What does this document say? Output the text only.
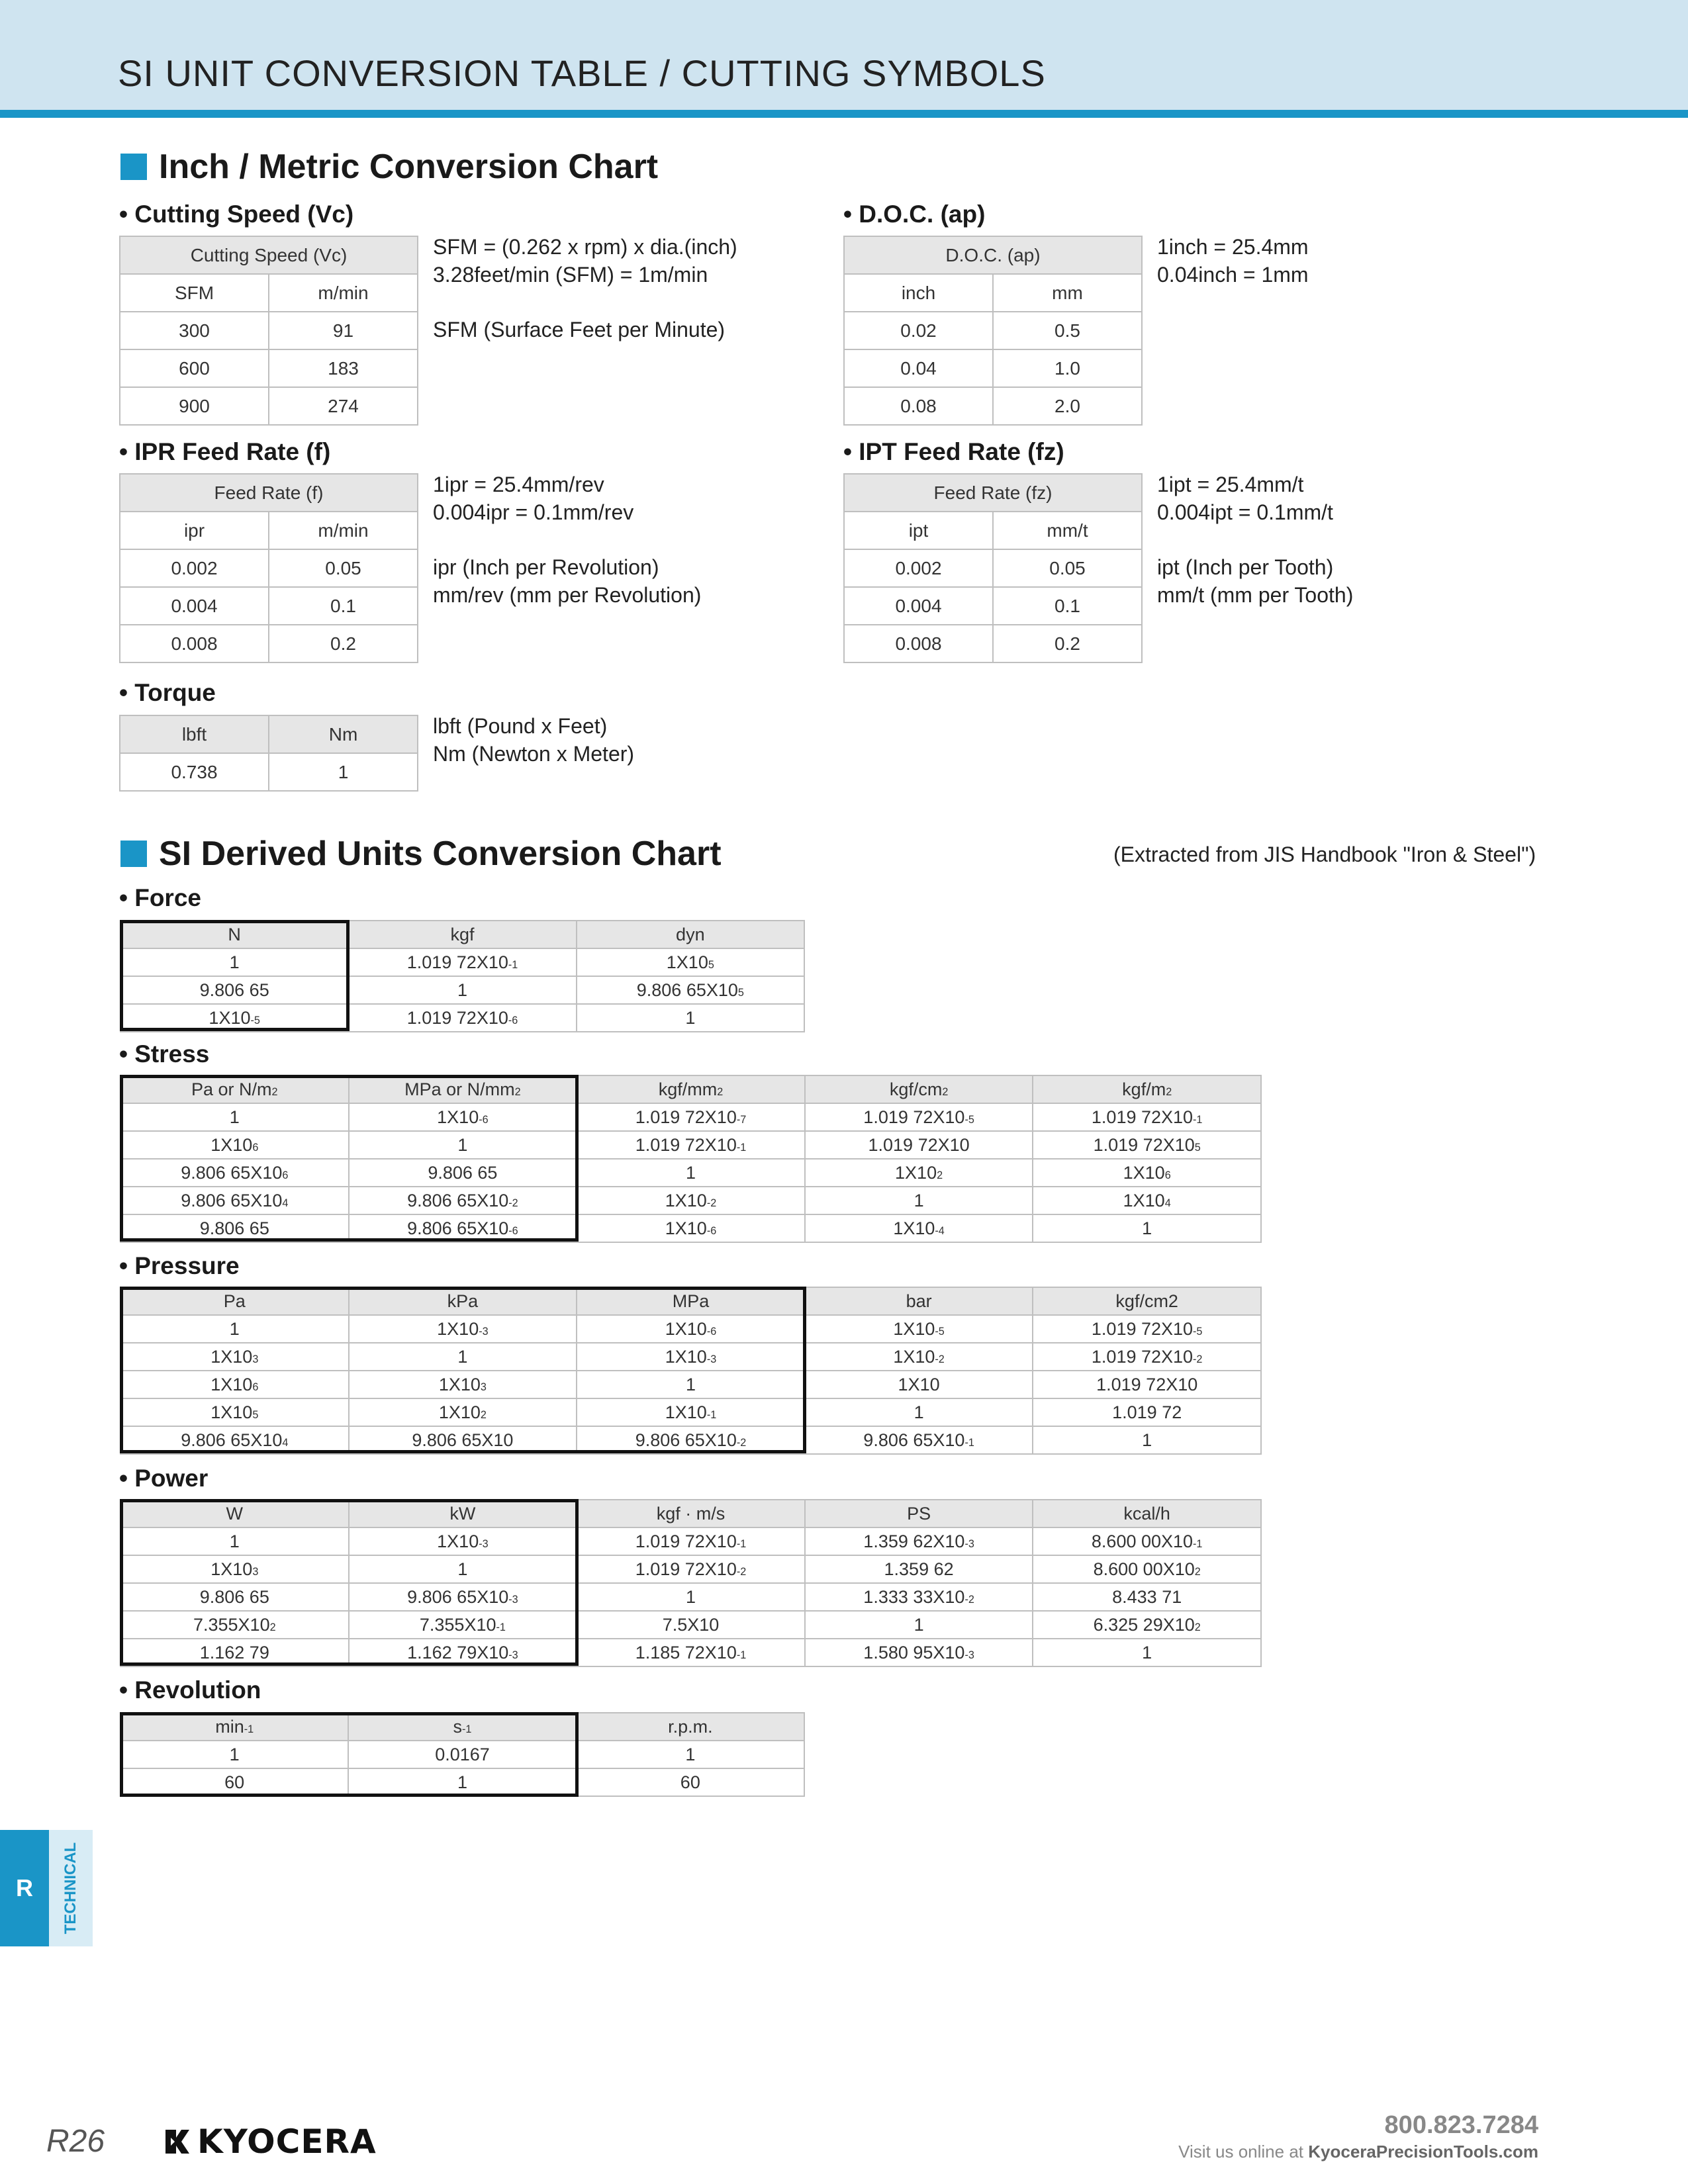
SI UNIT CONVERSION TABLE / CUTTING SYMBOLS
Inch / Metric Conversion Chart
• Cutting Speed (Vc)
Cutting Speed (Vc)	
SFM	m/min
300	91
600	183
900	274
SFM = (0.262 x rpm) x dia.(inch)
3.28feet/min (SFM) = 1m/min
SFM (Surface Feet per Minute)
• D.O.C. (ap)
D.O.C. (ap)	
inch	mm
0.02	0.5
0.04	1.0
0.08	2.0
1inch = 25.4mm
0.04inch = 1mm
• IPR Feed Rate (f)
Feed Rate (f)	
ipr	m/min
0.002	0.05
0.004	0.1
0.008	0.2
1ipr = 25.4mm/rev
0.004ipr = 0.1mm/rev
ipr (Inch per Revolution)
mm/rev (mm per Revolution)
• IPT Feed Rate (fz)
Feed Rate (fz)	
ipt	mm/t
0.002	0.05
0.004	0.1
0.008	0.2
1ipt = 25.4mm/t
0.004ipt = 0.1mm/t
ipt (Inch per Tooth)
mm/t (mm per Tooth)
• Torque
lbft	Nm
0.738	1
lbft (Pound x Feet)
Nm (Newton x Meter)
SI Derived Units Conversion Chart	(Extracted from JIS Handbook "Iron & Steel")
• Force
N	kgf	dyn
1	1.019 $72X10^{-1}$	$1X10^5$
9.806 65	1	9.806 $65X10^5$
$1X10^{-5}$	1.019 $72X10^{-6}$	1
• Stress
Pa or $N/m^2$	MPa or $N/mm^2$	kgf/$mm^2$	kgf/$cm^2$	kgf/$m^2$
1	$1X10^{-6}$	1.019 $72X10^{-7}$	1.019 $72X10^{-5}$	1.019 $72X10^{-1}$
$1X10^6$	1	1.019 $72X10^{-1}$	1.019 72X10	1.019 $72X10^5$
9.806 $65X10^6$	9.806 65	1	$1X10^2$	$1X10^6$
9.806 $65X10^4$	9.806 $65X10^{-2}$	$1X10^{-2}$	1	$1X10^4$
9.806 65	9.806 $65X10^{-6}$	$1X10^{-6}$	$1X10^{-4}$	1
• Pressure
Pa	kPa	MPa	bar	kgf/cm2
1	$1X10^{-3}$	$1X10^{-6}$	$1X10^{-5}$	1.019 $72X10^{-5}$
$1X10^3$	1	$1X10^{-3}$	$1X10^{-2}$	1.019 $72X10^{-2}$
$1X10^6$	$1X10^3$	1	1X10	1.019 72X10
$1X10^5$	$1X10^2$	$1X10^{-1}$	1	1.019 72
9.806 $65X10^4$	9.806 65X10	9.806 $65X10^{-2}$	9.806 $65X10^{-1}$	1
• Power
W	kW	kgf · m/s	PS	kcal/h
1	$1X10^{-3}$	1.019 $72X10^{-1}$	1.359 $62X10^{-3}$	8.600 $00X10^{-1}$
$1X10^3$	1	1.019 $72X10^{-2}$	1.359 62	8.600 $00X10^2$
9.806 65	9.806 $65X10^{-3}$	1	1.333 $33X10^{-2}$	8.433 71
$7.355X10^2$	$7.355X10^{-1}$	7.5X10	1	6.325 $29X10^2$
1.162 79	1.162 $79X10^{-3}$	1.185 $72X10^{-1}$	1.580 $95X10^{-3}$	1
• Revolution
$\min^{-1}$	$s^{-1}$	r.p.m.
1	0.0167	1
60	1	60
R	TECHNICAL
R26	KYOCERA	800.823.7284
Visit us online at KyoceraPrecisionTools.com
